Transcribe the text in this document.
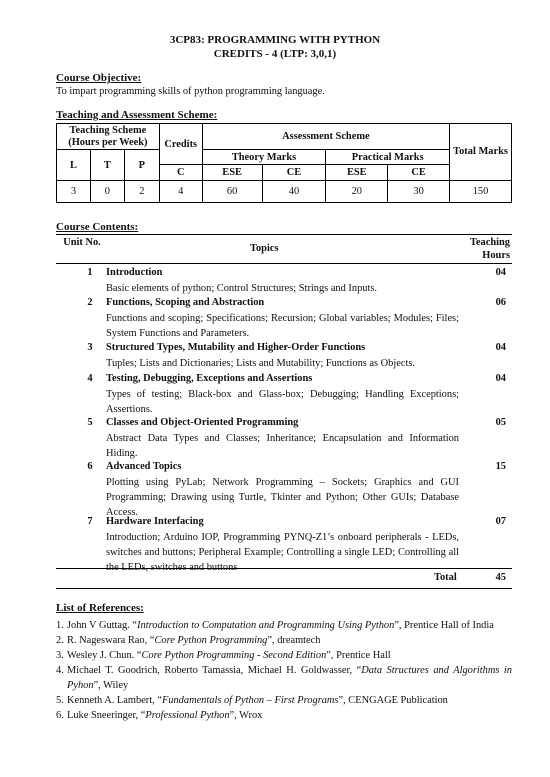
3CP83: PROGRAMMING WITH PYTHON
CREDITS - 4 (LTP: 3,0,1)
Course Objective:
To impart programming skills of python programming language.
Teaching and Assessment Scheme:
Teaching Scheme (Hours per Week)			Credits	Assessment Scheme				Total Marks
L	T	P		Theory Marks		Practical Marks		
			C	ESE	CE	ESE	CE	
3	0	2	4	60	40	20	30	150
Course Contents:
Unit No.
Topics
Teaching Hours
1	Introduction	04
Basic elements of python; Control Structures; Strings and Inputs.
2	Functions, Scoping and Abstraction	06
Functions and scoping; Specifications; Recursion; Global variables; Modules; Files; System Functions and Parameters.
3	Structured Types, Mutability and Higher-Order Functions	04
Tuples; Lists and Dictionaries; Lists and Mutability; Functions as Objects.
4	Testing, Debugging, Exceptions and Assertions	04
Types of testing; Black-box and Glass-box; Debugging; Handling Exceptions; Assertions.
5	Classes and Object-Oriented Programming	05
Abstract Data Types and Classes; Inheritance; Encapsulation and Information Hiding.
6	Advanced Topics	15
Plotting using PyLab; Network Programming – Sockets; Graphics and GUI Programming; Drawing using Turtle, Tkinter and Python; Other GUIs; Database Access.
7	Hardware Interfacing	07
Introduction; Arduino IOP, Programming PYNQ-Z1’s onboard peripherals - LEDs, switches and buttons; Peripheral Example; Controlling a single LED; Controlling all the LEDs, switches and buttons
Total	45
List of References:
1. John V Guttag. “Introduction to Computation and Programming Using Python”, Prentice Hall of India
2. R. Nageswara Rao, “Core Python Programming”, dreamtech
3. Wesley J. Chun. “Core Python Programming - Second Edition”, Prentice Hall
4. Michael T. Goodrich, Roberto Tamassia, Michael H. Goldwasser, “Data Structures and Algorithms in Pyhon”, Wiley
5. Kenneth A. Lambert, “Fundamentals of Python – First Programs”, CENGAGE Publication
6. Luke Sneeringer, “Professional Python”, Wrox
